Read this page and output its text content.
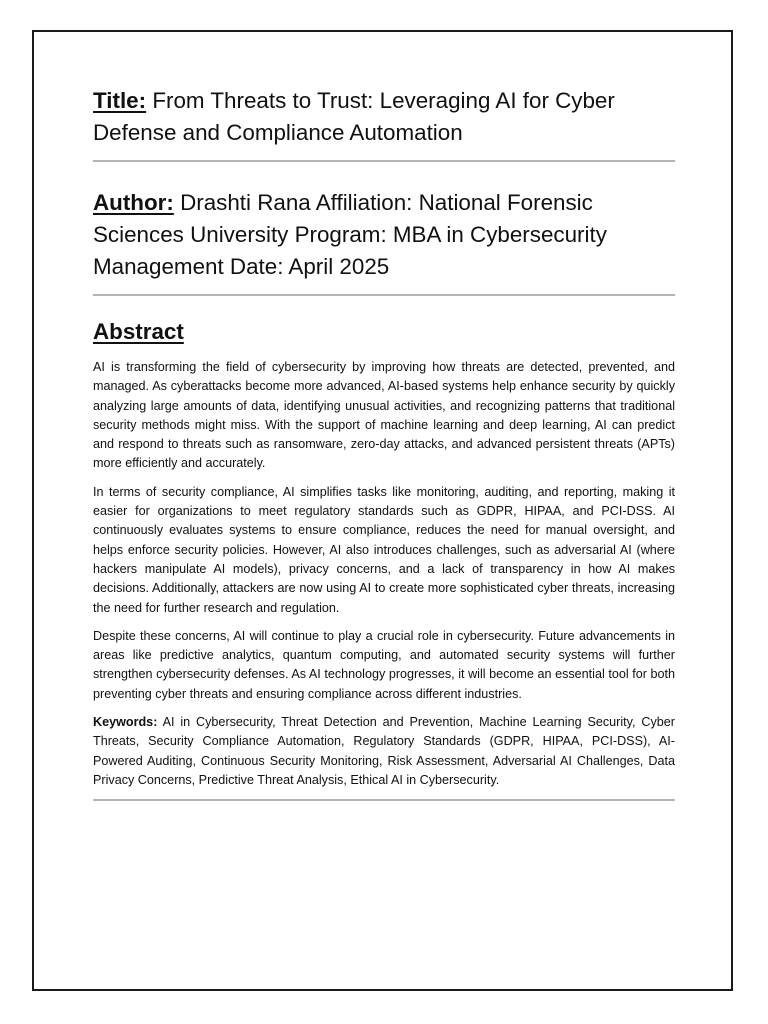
Title: From Threats to Trust: Leveraging AI for Cyber Defense and Compliance Automation

Author: Drashti Rana Affiliation: National Forensic Sciences University Program: MBA in Cybersecurity Management Date: April 2025

Abstract

AI is transforming the field of cybersecurity by improving how threats are detected, prevented, and managed. As cyberattacks become more advanced, AI-based systems help enhance security by quickly analyzing large amounts of data, identifying unusual activities, and recognizing patterns that traditional security methods might miss. With the support of machine learning and deep learning, AI can predict and respond to threats such as ransomware, zero-day attacks, and advanced persistent threats (APTs) more efficiently and accurately.

In terms of security compliance, AI simplifies tasks like monitoring, auditing, and reporting, making it easier for organizations to meet regulatory standards such as GDPR, HIPAA, and PCI-DSS. AI continuously evaluates systems to ensure compliance, reduces the need for manual oversight, and helps enforce security policies. However, AI also introduces challenges, such as adversarial AI (where hackers manipulate AI models), privacy concerns, and a lack of transparency in how AI makes decisions. Additionally, attackers are now using AI to create more sophisticated cyber threats, increasing the need for further research and regulation.

Despite these concerns, AI will continue to play a crucial role in cybersecurity. Future advancements in areas like predictive analytics, quantum computing, and automated security systems will further strengthen cybersecurity defenses. As AI technology progresses, it will become an essential tool for both preventing cyber threats and ensuring compliance across different industries.

Keywords: AI in Cybersecurity, Threat Detection and Prevention, Machine Learning Security, Cyber Threats, Security Compliance Automation, Regulatory Standards (GDPR, HIPAA, PCI-DSS), AI-Powered Auditing, Continuous Security Monitoring, Risk Assessment, Adversarial AI Challenges, Data Privacy Concerns, Predictive Threat Analysis, Ethical AI in Cybersecurity.
